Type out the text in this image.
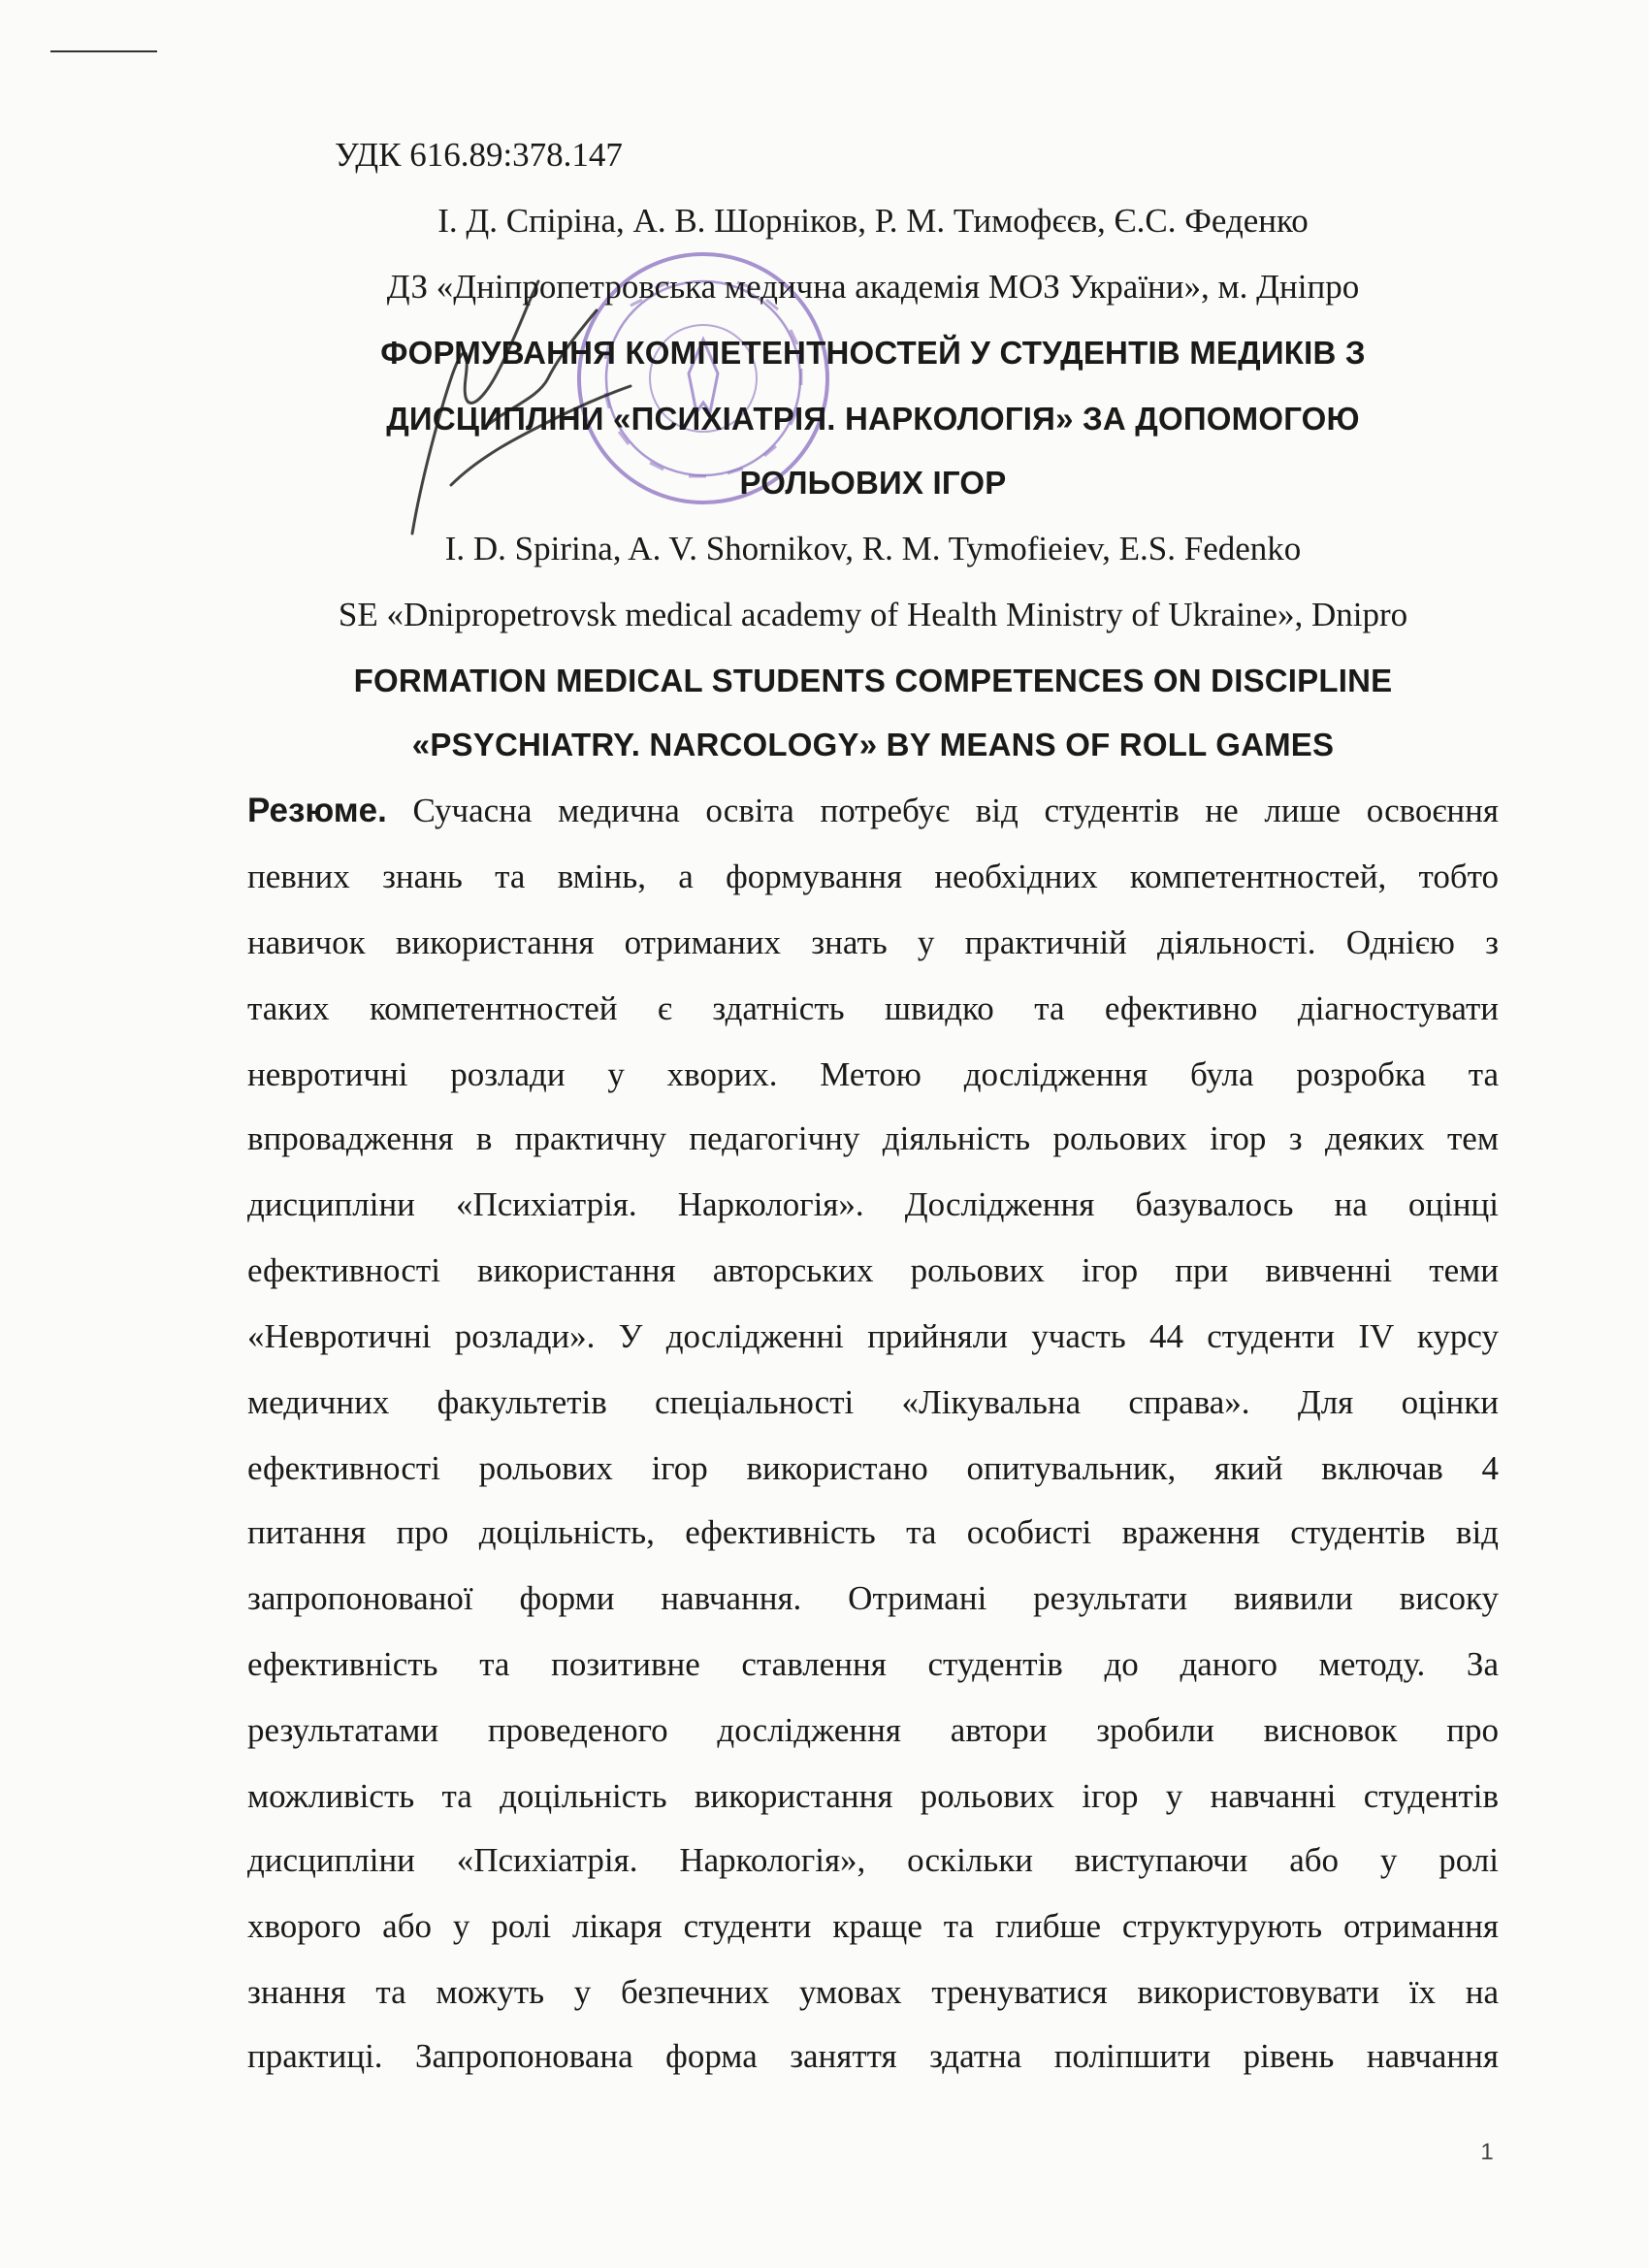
УДК 616.89:378.147
І. Д. Спіріна, А. В. Шорніков, Р. М. Тимофєєв, Є.С. Феденко
ДЗ «Дніпропетровська медична академія МОЗ України», м. Дніпро
ФОРМУВАННЯ КОМПЕТЕНТНОСТЕЙ У СТУДЕНТІВ МЕДИКІВ З
ДИСЦИПЛІНИ «ПСИХІАТРІЯ. НАРКОЛОГІЯ» ЗА ДОПОМОГОЮ
РОЛЬОВИХ ІГОР
I. D. Spirina, A. V. Shornikov, R. M. Tymofieiev, E.S. Fedenko
SE «Dnipropetrovsk medical academy of Health Ministry of Ukraine», Dnipro
FORMATION MEDICAL STUDENTS COMPETENCES ON DISCIPLINE
«PSYCHIATRY. NARCOLOGY» BY MEANS OF ROLL GAMES
Резюме. Сучасна медична освіта потребує від студентів не лише освоєння
певних знань та вмінь, а формування необхідних компетентностей, тобто
навичок використання отриманих знать у практичній діяльності. Однією з
таких компетентностей є здатність швидко та ефективно діагностувати
невротичні розлади у хворих. Метою дослідження була розробка та
впровадження в практичну педагогічну діяльність рольових ігор з деяких тем
дисципліни «Психіатрія. Наркологія». Дослідження базувалось на оцінці
ефективності використання авторських рольових ігор при вивченні теми
«Невротичні розлади». У дослідженні прийняли участь 44 студенти IV курсу
медичних факультетів спеціальності «Лікувальна справа». Для оцінки
ефективності рольових ігор використано опитувальник, який включав 4
питання про доцільність, ефективність та особисті враження студентів від
запропонованої форми навчання. Отримані результати виявили високу
ефективність та позитивне ставлення студентів до даного методу. За
результатами проведеного дослідження автори зробили висновок про
можливість та доцільність використання рольових ігор у навчанні студентів
дисципліни «Психіатрія. Наркологія», оскільки виступаючи або у ролі
хворого або у ролі лікаря студенти краще та глибше структурують отримання
знання та можуть у безпечних умовах тренуватися використовувати їх на
практиці. Запропонована форма заняття здатна поліпшити рівень навчання
1
